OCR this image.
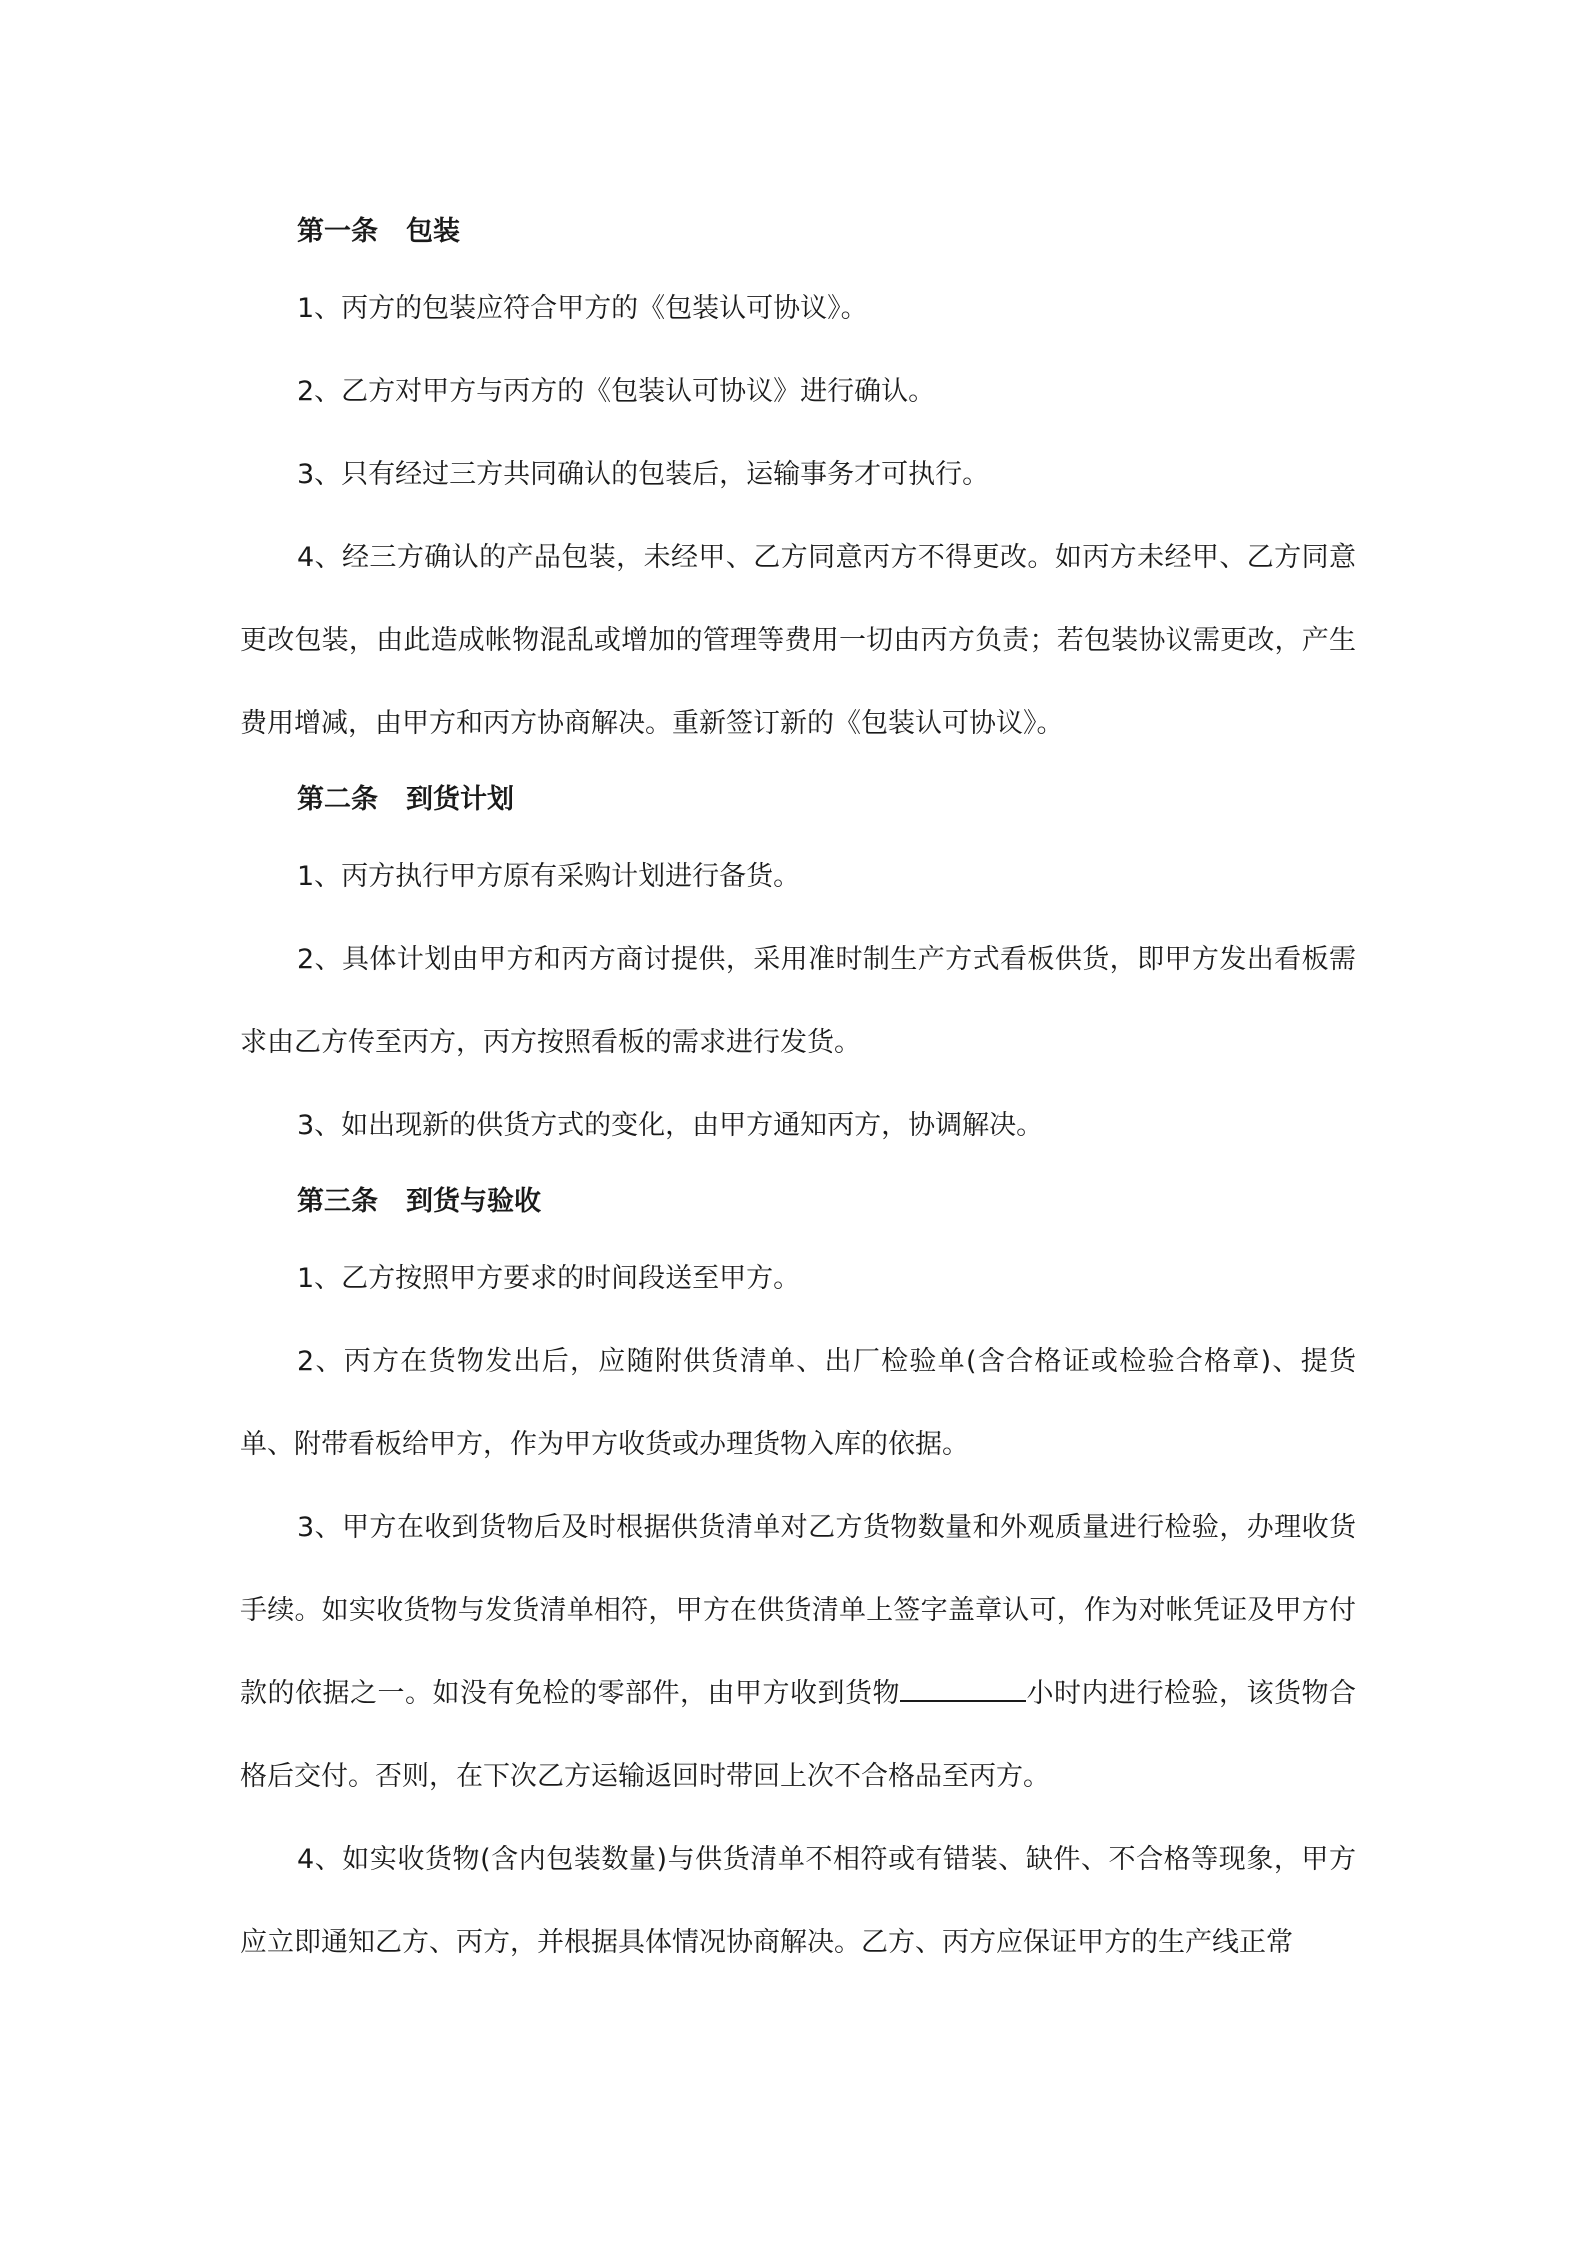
第一条 包装

1、丙方的包装应符合甲方的《包装认可协议》。

2、乙方对甲方与丙方的《包装认可协议》进行确认。

3、只有经过三方共同确认的包装后，运输事务才可执行。

4、经三方确认的产品包装，未经甲、乙方同意丙方不得更改。如丙方未经甲、乙方同意更改包装，由此造成帐物混乱或增加的管理等费用一切由丙方负责；若包装协议需更改，产生费用增减，由甲方和丙方协商解决。重新签订新的《包装认可协议》。

第二条 到货计划

1、丙方执行甲方原有采购计划进行备货。

2、具体计划由甲方和丙方商讨提供，采用准时制生产方式看板供货，即甲方发出看板需求由乙方传至丙方，丙方按照看板的需求进行发货。

3、如出现新的供货方式的变化，由甲方通知丙方，协调解决。

第三条 到货与验收

1、乙方按照甲方要求的时间段送至甲方。

2、丙方在货物发出后，应随附供货清单、出厂检验单(含合格证或检验合格章)、提货单、附带看板给甲方，作为甲方收货或办理货物入库的依据。

3、甲方在收到货物后及时根据供货清单对乙方货物数量和外观质量进行检验，办理收货手续。如实收货物与发货清单相符，甲方在供货清单上签字盖章认可，作为对帐凭证及甲方付款的依据之一。如没有免检的零部件，由甲方收到货物	小时内进行检验，该货物合格后交付。否则，在下次乙方运输返回时带回上次不合格品至丙方。

4、如实收货物(含内包装数量)与供货清单不相符或有错装、缺件、不合格等现象，甲方应立即通知乙方、丙方，并根据具体情况协商解决。乙方、丙方应保证甲方的生产线正常
